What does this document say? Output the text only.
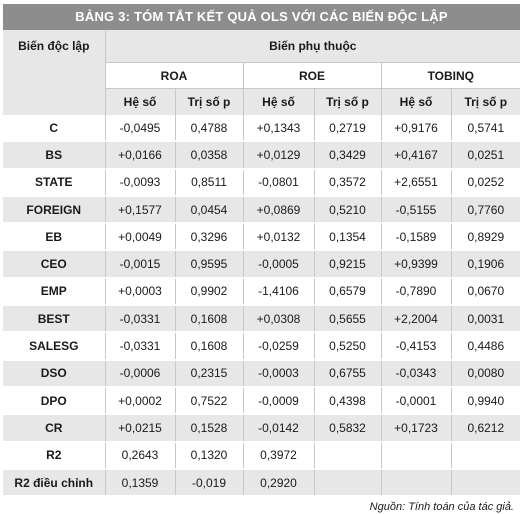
BẢNG 3: TÓM TẮT KẾT QUẢ OLS VỚI CÁC BIẾN ĐỘC LẬP
Biến độc lập	Biến phụ thuộc					
	ROA		ROE		TOBINQ	
	Hệ số	Trị số p	Hệ số	Trị số p	Hệ số	Trị số p
C	-0,0495	0,4788	+0,1343	0,2719	+0,9176	0,5741
BS	+0,0166	0,0358	+0,0129	0,3429	+0,4167	0,0251
STATE	-0,0093	0,8511	-0,0801	0,3572	+2,6551	0,0252
FOREIGN	+0,1577	0,0454	+0,0869	0,5210	-0,5155	0,7760
EB	+0,0049	0,3296	+0,0132	0,1354	-0,1589	0,8929
CEO	-0,0015	0,9595	-0,0005	0,9215	+0,9399	0,1906
EMP	+0,0003	0,9902	-1,4106	0,6579	-0,7890	0,0670
BEST	-0,0331	0,1608	+0,0308	0,5655	+2,2004	0,0031
SALESG	-0,0331	0,1608	-0,0259	0,5250	-0,4153	0,4486
DSO	-0,0006	0,2315	-0,0003	0,6755	-0,0343	0,0080
DPO	+0,0002	0,7522	-0,0009	0,4398	-0,0001	0,9940
CR	+0,0215	0,1528	-0,0142	0,5832	+0,1723	0,6212
R2	0,2643	0,1320	0,3972			
R2 điều chỉnh	0,1359	-0,019	0,2920			
Nguồn: Tính toán của tác giả.
